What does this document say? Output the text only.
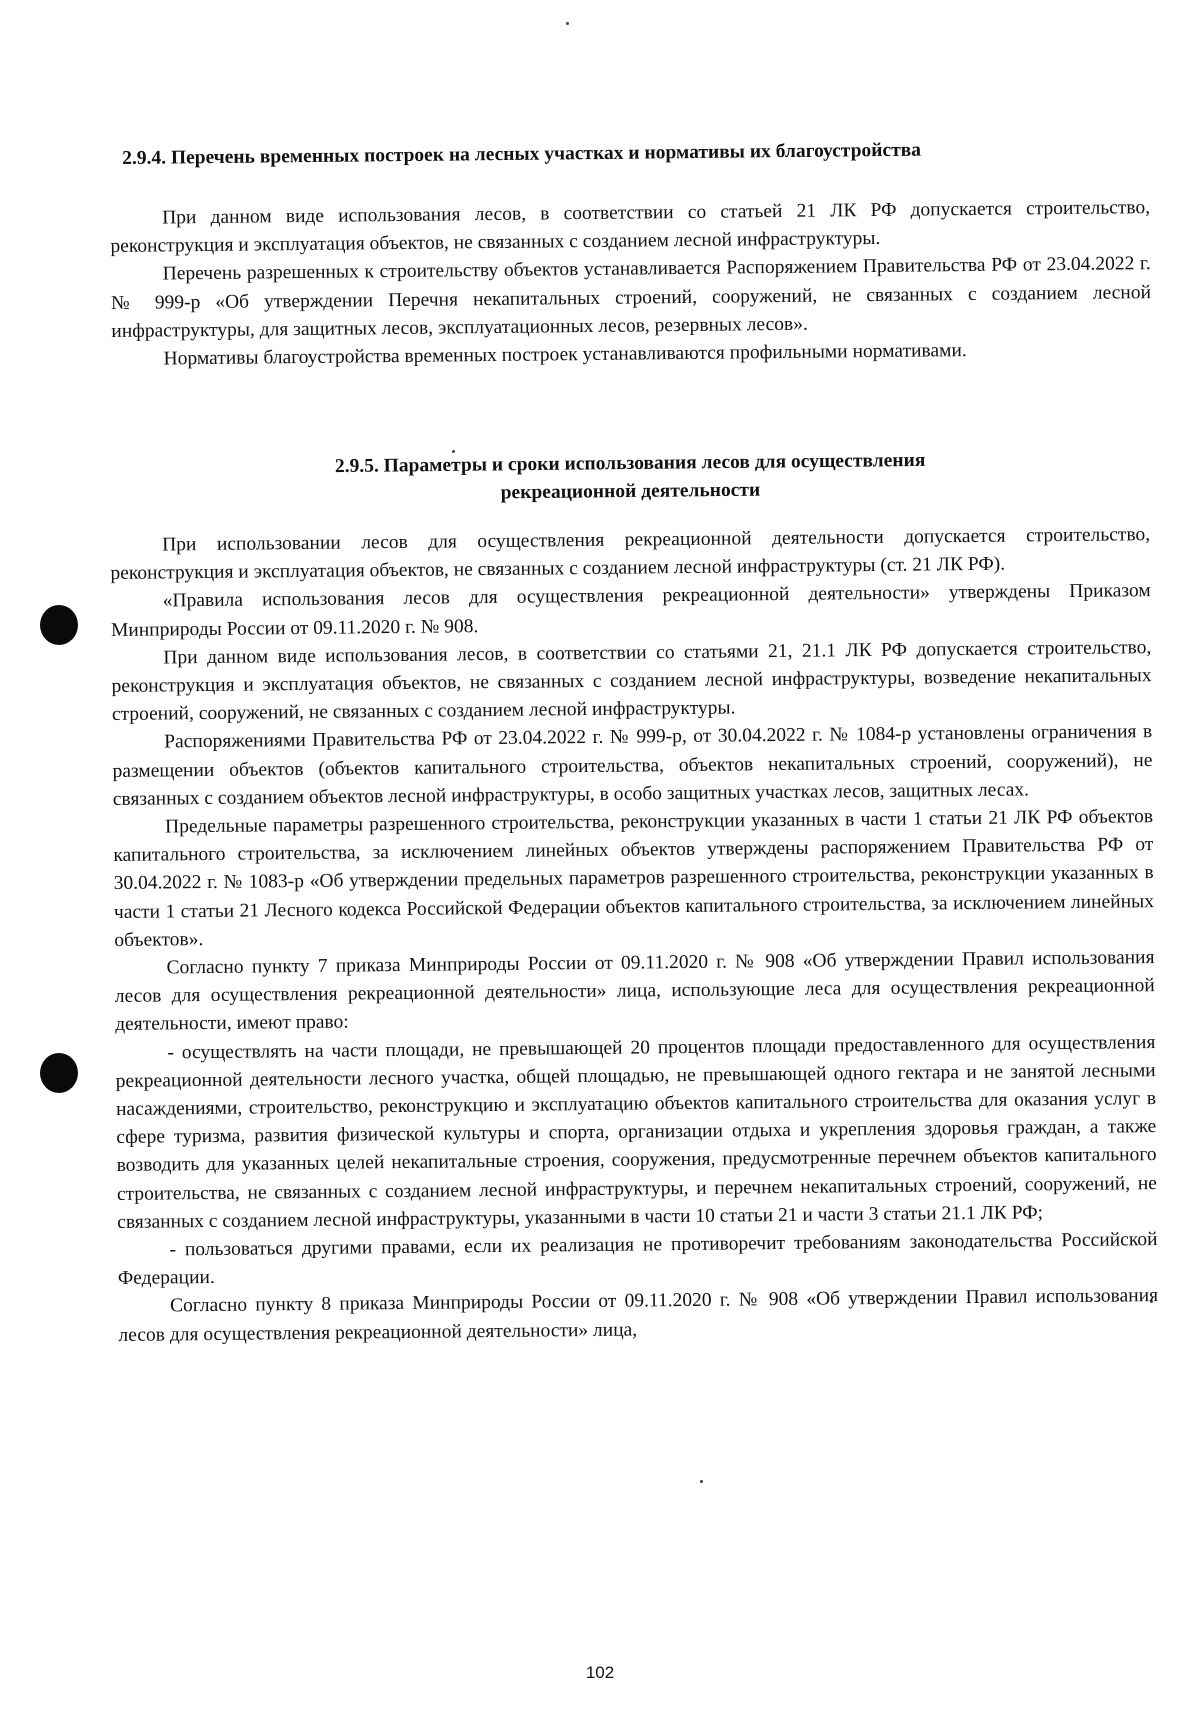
2.9.4. Перечень временных построек на лесных участках и нормативы их благоустройства

При данном виде использования лесов, в соответствии со статьей 21 ЛК РФ допускается строительство, реконструкция и эксплуатация объектов, не связанных с созданием лесной инфраструктуры.

Перечень разрешенных к строительству объектов устанавливается Распоряжением Правительства РФ от 23.04.2022 г. № 999-р «Об утверждении Перечня некапитальных строений, сооружений, не связанных с созданием лесной инфраструктуры, для защитных лесов, эксплуатационных лесов, резервных лесов».

Нормативы благоустройства временных построек устанавливаются профильными нормативами.

2.9.5. Параметры и сроки использования лесов для осуществления рекреационной деятельности

При использовании лесов для осуществления рекреационной деятельности допускается строительство, реконструкция и эксплуатация объектов, не связанных с созданием лесной инфраструктуры (ст. 21 ЛК РФ).

«Правила использования лесов для осуществления рекреационной деятельности» утверждены Приказом Минприроды России от 09.11.2020 г. № 908.

При данном виде использования лесов, в соответствии со статьями 21, 21.1 ЛК РФ допускается строительство, реконструкция и эксплуатация объектов, не связанных с созданием лесной инфраструктуры, возведение некапитальных строений, сооружений, не связанных с созданием лесной инфраструктуры.

Распоряжениями Правительства РФ от 23.04.2022 г. № 999-р, от 30.04.2022 г. № 1084-р установлены ограничения в размещении объектов (объектов капитального строительства, объектов некапитальных строений, сооружений), не связанных с созданием объектов лесной инфраструктуры, в особо защитных участках лесов, защитных лесах.

Предельные параметры разрешенного строительства, реконструкции указанных в части 1 статьи 21 ЛК РФ объектов капитального строительства, за исключением линейных объектов утверждены распоряжением Правительства РФ от 30.04.2022 г. № 1083-р «Об утверждении предельных параметров разрешенного строительства, реконструкции указанных в части 1 статьи 21 Лесного кодекса Российской Федерации объектов капитального строительства, за исключением линейных объектов».

Согласно пункту 7 приказа Минприроды России от 09.11.2020 г. № 908 «Об утверждении Правил использования лесов для осуществления рекреационной деятельности» лица, использующие леса для осуществления рекреационной деятельности, имеют право:

- осуществлять на части площади, не превышающей 20 процентов площади предоставленного для осуществления рекреационной деятельности лесного участка, общей площадью, не превышающей одного гектара и не занятой лесными насаждениями, строительство, реконструкцию и эксплуатацию объектов капитального строительства для оказания услуг в сфере туризма, развития физической культуры и спорта, организации отдыха и укрепления здоровья граждан, а также возводить для указанных целей некапитальные строения, сооружения, предусмотренные перечнем объектов капитального строительства, не связанных с созданием лесной инфраструктуры, и перечнем некапитальных строений, сооружений, не связанных с созданием лесной инфраструктуры, указанными в части 10 статьи 21 и части 3 статьи 21.1 ЛК РФ;

- пользоваться другими правами, если их реализация не противоречит требованиям законодательства Российской Федерации.

Согласно пункту 8 приказа Минприроды России от 09.11.2020 г. № 908 «Об утверждении Правил использования лесов для осуществления рекреационной деятельности» лица,

102
